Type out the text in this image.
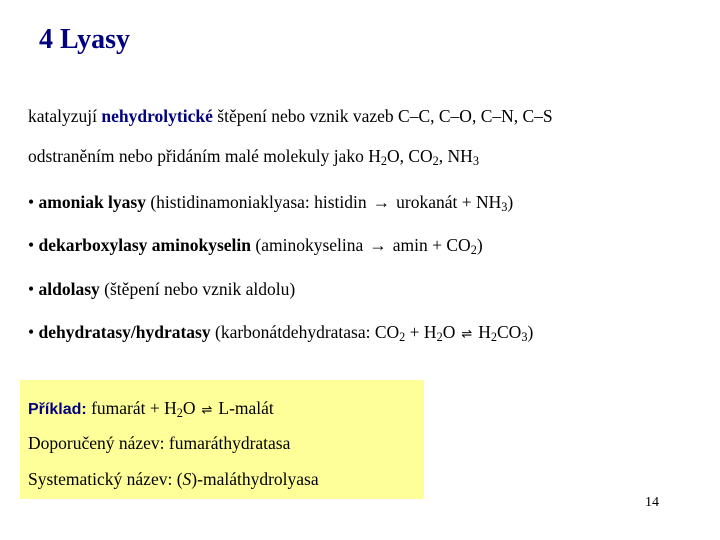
4 Lyasy
katalyzují nehydrolytické štěpení nebo vznik vazeb C–C, C–O, C–N, C–S
odstraněním nebo přidáním malé molekuly jako $H_2O$, $CO_2$, $NH_3$
• amoniak lyasy (histidinamoniaklyasa: histidin → urokanát + $NH_3$)
• dekarboxylasy aminokyselin (aminokyselina → $amin + CO_2$)
• aldolasy (štěpení nebo vznik aldolu)
• dehydratasy/hydratasy (karbonátdehydratasa: $CO_2 + H_2O$ ⇌ $H_2CO_3$)
Příklad: fumarát + $H_2O$ ⇌ L-malát
Doporučený název: fumaráthydratasa
Systematický název: (S)-maláthydrolyasa
14
